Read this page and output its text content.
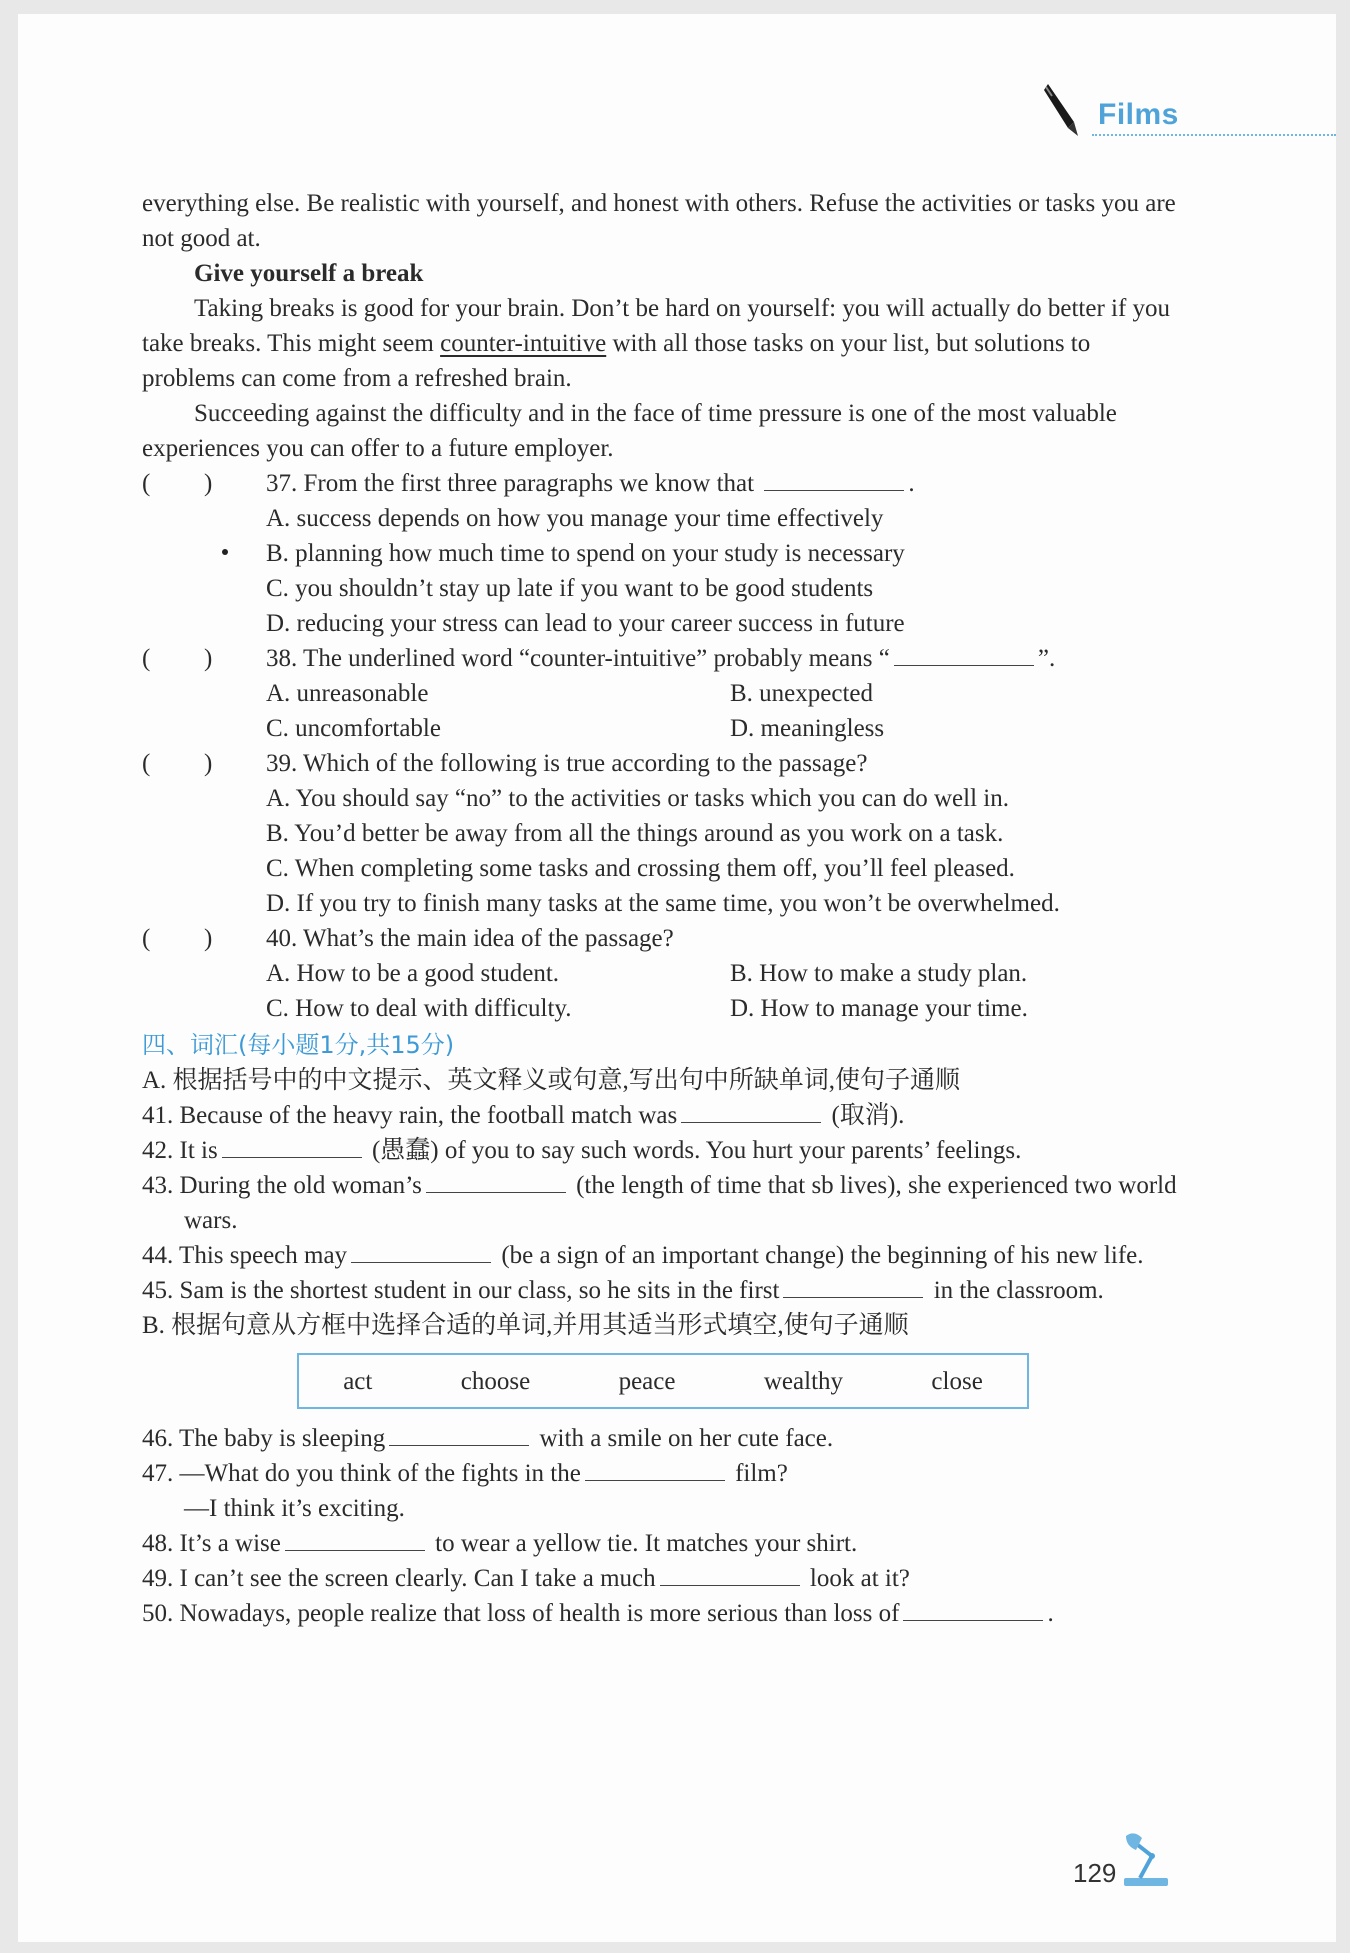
Films

everything else. Be realistic with yourself, and honest with others. Refuse the activities or tasks you are not good at.

Give yourself a break

Taking breaks is good for your brain. Don’t be hard on yourself: you will actually do better if you take breaks. This might seem counter-intuitive with all those tasks on your list, but solutions to problems can come from a refreshed brain.

Succeeding against the difficulty and in the face of time pressure is one of the most valuable experiences you can offer to a future employer.

( ) 37. From the first three paragraphs we know that	.
A. success depends on how you manage your time effectively
B. planning how much time to spend on your study is necessary
C. you shouldn’t stay up late if you want to be good students
D. reducing your stress can lead to your career success in future
( ) 38. The underlined word “counter-intuitive” probably means “	”.
A. unreasonable	B. unexpected
C. uncomfortable	D. meaningless
( ) 39. Which of the following is true according to the passage?
A. You should say “no” to the activities or tasks which you can do well in.
B. You’d better be away from all the things around as you work on a task.
C. When completing some tasks and crossing them off, you’ll feel pleased.
D. If you try to finish many tasks at the same time, you won’t be overwhelmed.
( ) 40. What’s the main idea of the passage?
A. How to be a good student.	B. How to make a study plan.
C. How to deal with difficulty.	D. How to manage your time.
四、词汇(每小题1分,共15分)
A. 根据括号中的中文提示、英文释义或句意,写出句中所缺单词,使句子通顺
41. Because of the heavy rain, the football match was	(取消).
42. It is	(愚蠢) of you to say such words. You hurt your parents’ feelings.
43. During the old woman’s	(the length of time that sb lives), she experienced two world wars.
44. This speech may	(be a sign of an important change) the beginning of his new life.
45. Sam is the shortest student in our class, so he sits in the first	in the classroom.
B. 根据句意从方框中选择合适的单词,并用其适当形式填空,使句子通顺
act	choose	peace	wealthy	close
46. The baby is sleeping	with a smile on her cute face.
47. —What do you think of the fights in the	film?
—I think it’s exciting.
48. It’s a wise	to wear a yellow tie. It matches your shirt.
49. I can’t see the screen clearly. Can I take a much	look at it?
50. Nowadays, people realize that loss of health is more serious than loss of	.
129
